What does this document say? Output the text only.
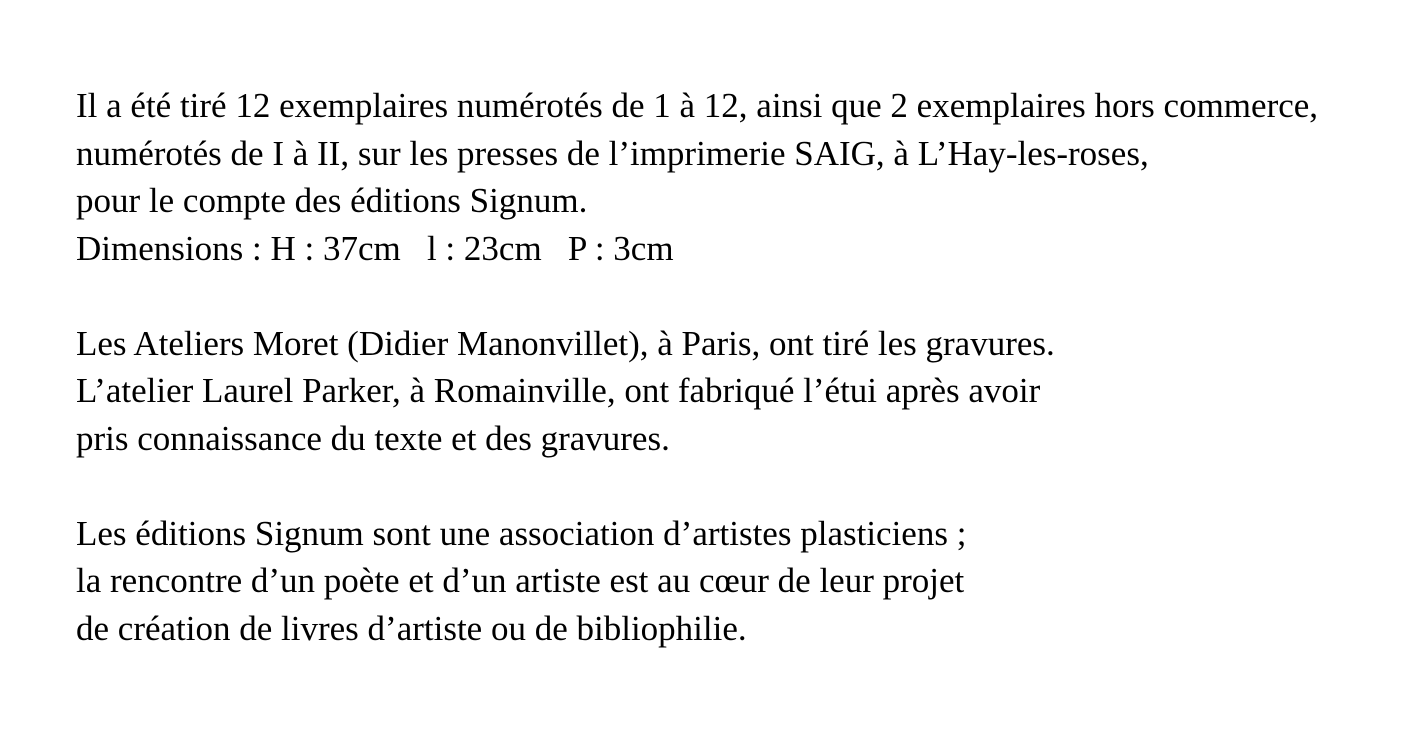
Il a été tiré 12 exemplaires numérotés de 1 à 12, ainsi que 2 exemplaires hors commerce,
numérotés de I à II, sur les presses de l’imprimerie SAIG, à L’Hay-les-roses,
pour le compte des éditions Signum.
Dimensions : H : 37cm   l : 23cm   P : 3cm

Les Ateliers Moret (Didier Manonvillet), à Paris, ont tiré les gravures.
L’atelier Laurel Parker, à Romainville, ont fabriqué l’étui après avoir
pris connaissance du texte et des gravures.

Les éditions Signum sont une association d’artistes plasticiens ;
la rencontre d’un poète et d’un artiste est au cœur de leur projet
de création de livres d’artiste ou de bibliophilie.
